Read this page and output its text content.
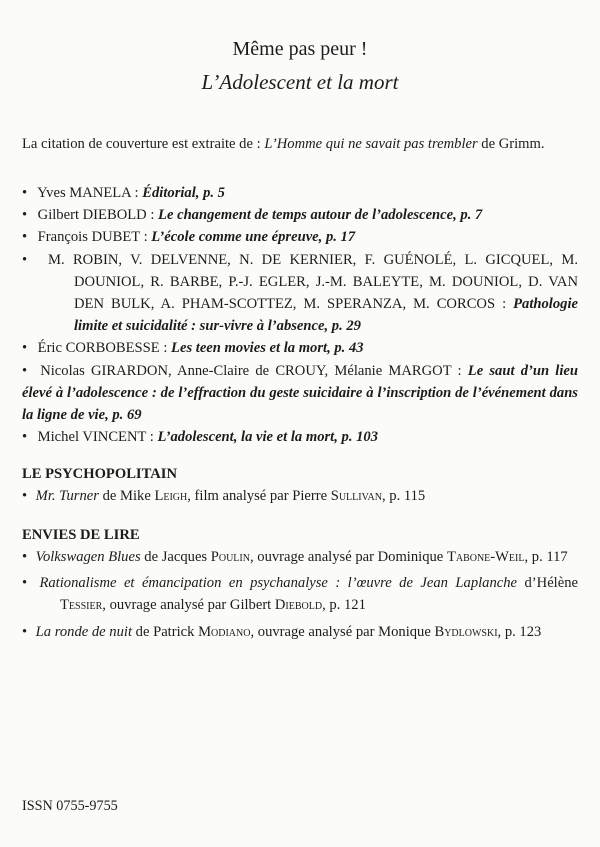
Même pas peur !
L’Adolescent et la mort
La citation de couverture est extraite de : L’Homme qui ne savait pas trembler de Grimm.
• Yves MANELA : Éditorial, p. 5
• Gilbert DIEBOLD : Le changement de temps autour de l’adolescence, p. 7
• François DUBET : L’école comme une épreuve, p. 17
• M. ROBIN, V. DELVENNE, N. DE KERNIER, F. GUÉNOLÉ, L. GICQUEL, M. DOUNIOL, R. BARBE, P.-J. EGLER, J.-M. BALEYTE, M. DOUNIOL, D. VAN DEN BULK, A. PHAM-SCOTTEZ, M. SPERANZA, M. CORCOS : Pathologie limite et suicidalité : sur-vivre à l’absence, p. 29
• Éric CORBOBESSE : Les teen movies et la mort, p. 43
• Nicolas GIRARDON, Anne-Claire de CROUY, Mélanie MARGOT : Le saut d’un lieu élevé à l’adolescence : de l’effraction du geste suicidaire à l’inscription de l’événement dans la ligne de vie, p. 69
• Michel VINCENT : L’adolescent, la vie et la mort, p. 103
LE PSYCHOPOLITAIN
• Mr. Turner de Mike Leigh, film analysé par Pierre Sullivan, p. 115
ENVIES DE LIRE
• Volkswagen Blues de Jacques Poulin, ouvrage analysé par Dominique Tabone-Weil, p. 117
• Rationalisme et émancipation en psychanalyse : l’œuvre de Jean Laplanche d’Hélène Tessier, ouvrage analysé par Gilbert Diebold, p. 121
• La ronde de nuit de Patrick Modiano, ouvrage analysé par Monique Bydlowski, p. 123
ISSN 0755-9755
